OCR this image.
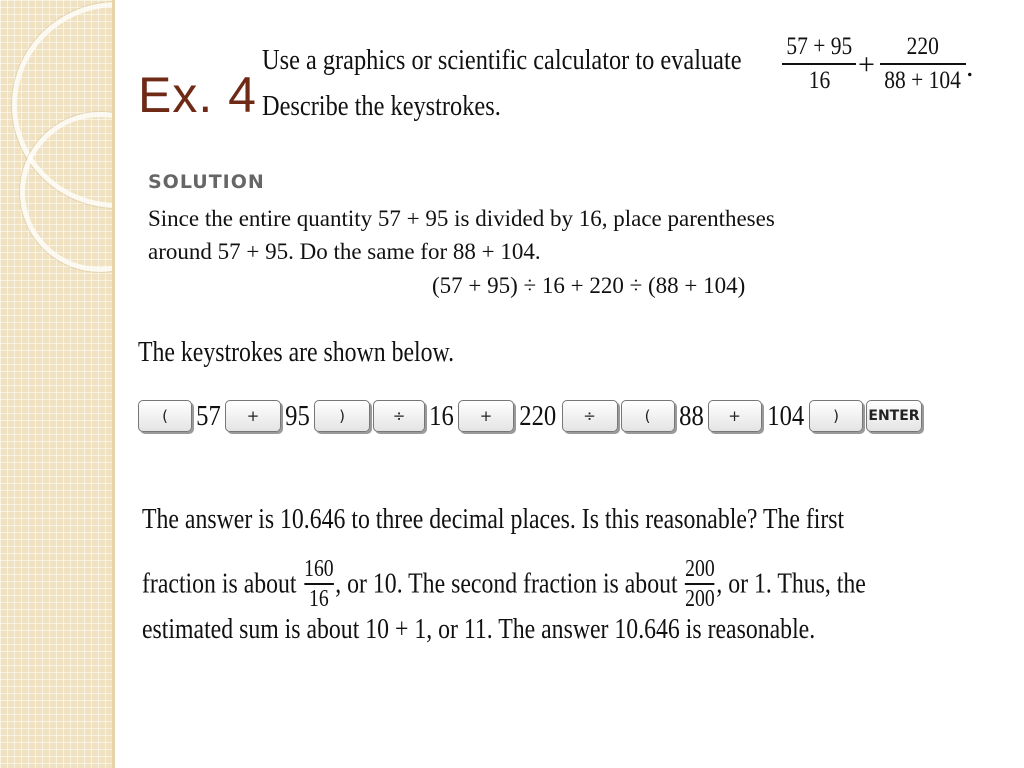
Ex. 4
Use a graphics or scientific calculator to evaluate
Describe the keystrokes.
57 + 95
16 +
220
88 + 104 .
SOLUTION
Since the entire quantity 57 + 95 is divided by 16, place parentheses
around 57 + 95. Do the same for 88 + 104.
(57 + 95) ÷ 16 + 220 ÷ (88 + 104)
The keystrokes are shown below.
( 57	+ 95	)	÷ 16	+ 220	÷	( 88	+ 104	)	ENTER
The answer is 10.646 to three decimal places. Is this reasonable? The first
fraction is about $\frac{160}{16}$ , or 10. The second fraction is about $\frac{200}{200}$ , or 1. Thus, the
estimated sum is about 10 + 1, or 11. The answer 10.646 is reasonable.
